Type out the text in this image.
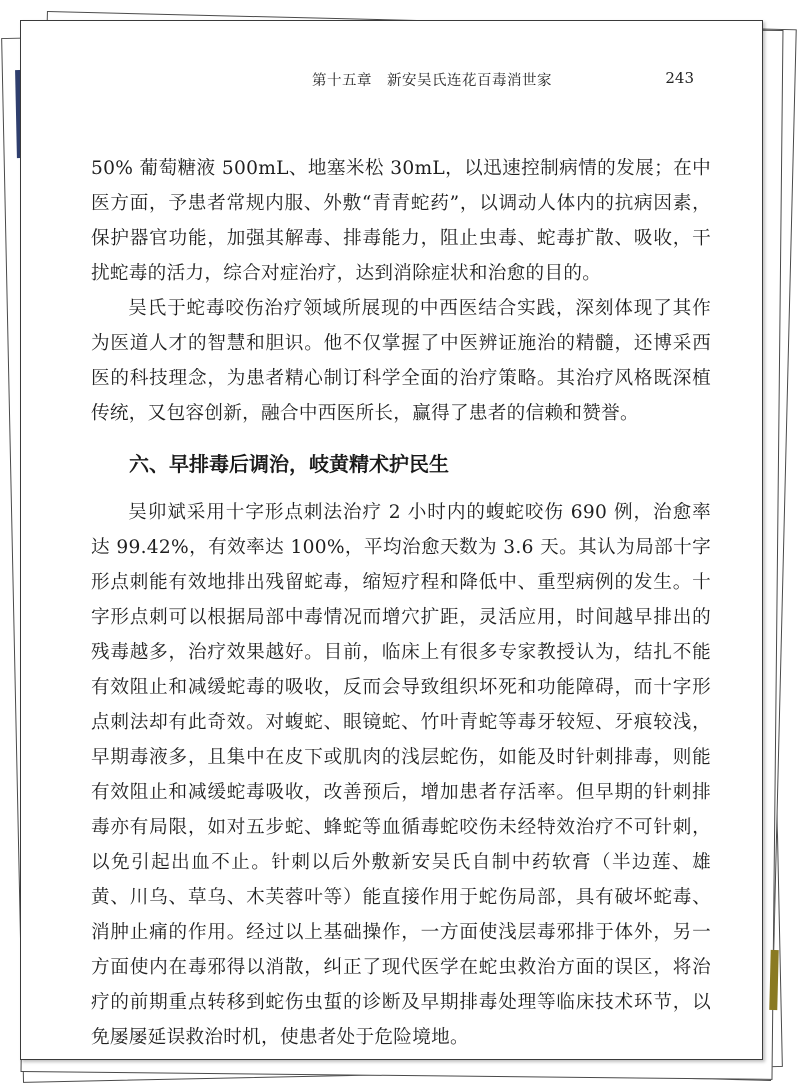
第十五章　新安吴氏连花百毒消世家	243

50% 葡萄糖液 500mL、地塞米松 30mL，以迅速控制病情的发展；在中医方面，予患者常规内服、外敷“青青蛇药”，以调动人体内的抗病因素，保护器官功能，加强其解毒、排毒能力，阻止虫毒、蛇毒扩散、吸收，干扰蛇毒的活力，综合对症治疗，达到消除症状和治愈的目的。

吴氏于蛇毒咬伤治疗领域所展现的中西医结合实践，深刻体现了其作为医道人才的智慧和胆识。他不仅掌握了中医辨证施治的精髓，还博采西医的科技理念，为患者精心制订科学全面的治疗策略。其治疗风格既深植传统，又包容创新，融合中西医所长，赢得了患者的信赖和赞誉。

六、早排毒后调治，岐黄精术护民生

吴卯斌采用十字形点刺法治疗 2 小时内的蝮蛇咬伤 690 例，治愈率达 99.42%，有效率达 100%，平均治愈天数为 3.6 天。其认为局部十字形点刺能有效地排出残留蛇毒，缩短疗程和降低中、重型病例的发生。十字形点刺可以根据局部中毒情况而增穴扩距，灵活应用，时间越早排出的残毒越多，治疗效果越好。目前，临床上有很多专家教授认为，结扎不能有效阻止和减缓蛇毒的吸收，反而会导致组织坏死和功能障碍，而十字形点刺法却有此奇效。对蝮蛇、眼镜蛇、竹叶青蛇等毒牙较短、牙痕较浅，早期毒液多，且集中在皮下或肌肉的浅层蛇伤，如能及时针刺排毒，则能有效阻止和减缓蛇毒吸收，改善预后，增加患者存活率。但早期的针刺排毒亦有局限，如对五步蛇、蜂蛇等血循毒蛇咬伤未经特效治疗不可针刺，以免引起出血不止。针刺以后外敷新安吴氏自制中药软膏（半边莲、雄黄、川乌、草乌、木芙蓉叶等）能直接作用于蛇伤局部，具有破坏蛇毒、消肿止痛的作用。经过以上基础操作，一方面使浅层毒邪排于体外，另一方面使内在毒邪得以消散，纠正了现代医学在蛇虫救治方面的误区，将治疗的前期重点转移到蛇伤虫蜇的诊断及早期排毒处理等临床技术环节，以免屡屡延误救治时机，使患者处于危险境地。
